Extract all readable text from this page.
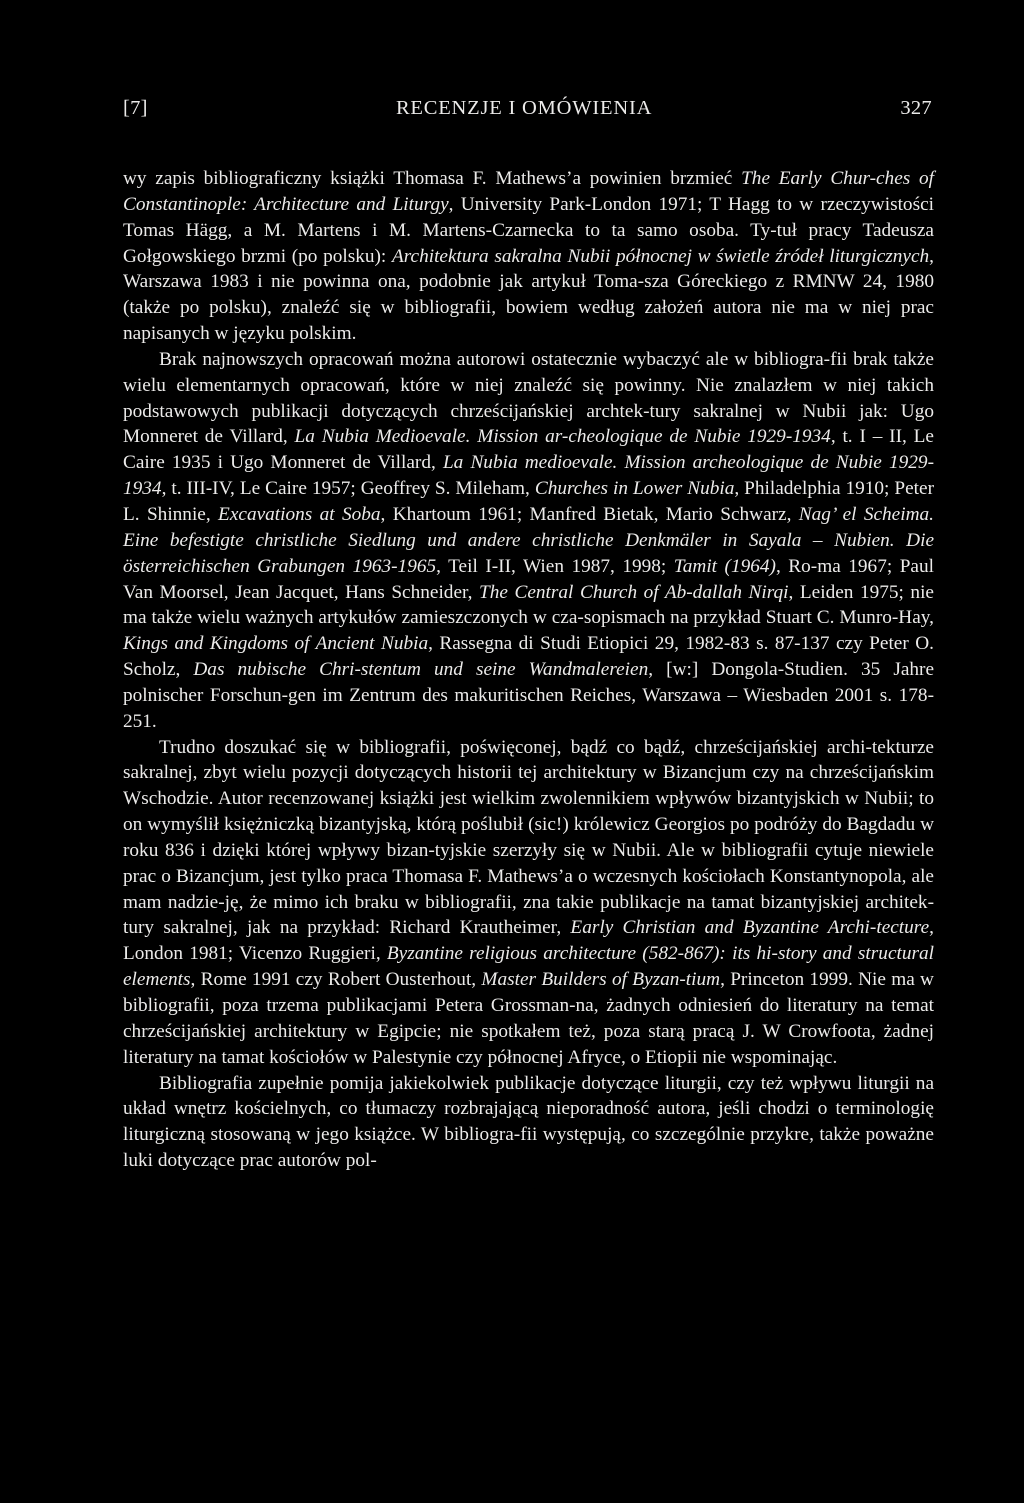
[7]	RECENZJE I OMÓWIENIA	327

wy zapis bibliograficzny książki Thomasa F. Mathews’a powinien brzmieć The Early Chur-ches of Constantinople: Architecture and Liturgy, University Park-London 1971; T Hagg to w rzeczywistości Tomas Hägg, a M. Martens i M. Martens-Czarnecka to ta samo osoba. Ty-tuł pracy Tadeusza Gołgowskiego brzmi (po polsku): Architektura sakralna Nubii północnej w świetle źródeł liturgicznych, Warszawa 1983 i nie powinna ona, podobnie jak artykuł Toma-sza Góreckiego z RMNW 24, 1980 (także po polsku), znaleźć się w bibliografii, bowiem według założeń autora nie ma w niej prac napisanych w języku polskim.

Brak najnowszych opracowań można autorowi ostatecznie wybaczyć ale w bibliogra-fii brak także wielu elementarnych opracowań, które w niej znaleźć się powinny. Nie znalazłem w niej takich podstawowych publikacji dotyczących chrześcijańskiej archtek-tury sakralnej w Nubii jak: Ugo Monneret de Villard, La Nubia Medioevale. Mission ar-cheologique de Nubie 1929-1934, t. I – II, Le Caire 1935 i Ugo Monneret de Villard, La Nubia medioevale. Mission archeologique de Nubie 1929-1934, t. III-IV, Le Caire 1957; Geoffrey S. Mileham, Churches in Lower Nubia, Philadelphia 1910; Peter L. Shinnie, Excavations at Soba, Khartoum 1961; Manfred Bietak, Mario Schwarz, Nag’ el Scheima. Eine befestigte christliche Siedlung und andere christliche Denkmäler in Sayala – Nubien. Die österreichischen Grabungen 1963-1965, Teil I-II, Wien 1987, 1998; Tamit (1964), Ro-ma 1967; Paul Van Moorsel, Jean Jacquet, Hans Schneider, The Central Church of Ab-dallah Nirqi, Leiden 1975; nie ma także wielu ważnych artykułów zamieszczonych w cza-sopismach na przykład Stuart C. Munro-Hay, Kings and Kingdoms of Ancient Nubia, Rassegna di Studi Etiopici 29, 1982-83 s. 87-137 czy Peter O. Scholz, Das nubische Chri-stentum und seine Wandmalereien, [w:] Dongola-Studien. 35 Jahre polnischer Forschun-gen im Zentrum des makuritischen Reiches, Warszawa – Wiesbaden 2001 s. 178-251.

Trudno doszukać się w bibliografii, poświęconej, bądź co bądź, chrześcijańskiej archi-tekturze sakralnej, zbyt wielu pozycji dotyczących historii tej architektury w Bizancjum czy na chrześcijańskim Wschodzie. Autor recenzowanej książki jest wielkim zwolennikiem wpływów bizantyjskich w Nubii; to on wymyślił księżniczką bizantyjską, którą poślubił (sic!) królewicz Georgios po podróży do Bagdadu w roku 836 i dzięki której wpływy bizan-tyjskie szerzyły się w Nubii. Ale w bibliografii cytuje niewiele prac o Bizancjum, jest tylko praca Thomasa F. Mathews’a o wczesnych kościołach Konstantynopola, ale mam nadzie-ję, że mimo ich braku w bibliografii, zna takie publikacje na tamat bizantyjskiej architek-tury sakralnej, jak na przykład: Richard Krautheimer, Early Christian and Byzantine Archi-tecture, London 1981; Vicenzo Ruggieri, Byzantine religious architecture (582-867): its hi-story and structural elements, Rome 1991 czy Robert Ousterhout, Master Builders of Byzan-tium, Princeton 1999. Nie ma w bibliografii, poza trzema publikacjami Petera Grossman-na, żadnych odniesień do literatury na temat chrześcijańskiej architektury w Egipcie; nie spotkałem też, poza starą pracą J. W Crowfoota, żadnej literatury na tamat kościołów w Palestynie czy północnej Afryce, o Etiopii nie wspominając.

Bibliografia zupełnie pomija jakiekolwiek publikacje dotyczące liturgii, czy też wpływu liturgii na układ wnętrz kościelnych, co tłumaczy rozbrajającą nieporadność autora, jeśli chodzi o terminologię liturgiczną stosowaną w jego książce. W bibliogra-fii występują, co szczególnie przykre, także poważne luki dotyczące prac autorów pol-
